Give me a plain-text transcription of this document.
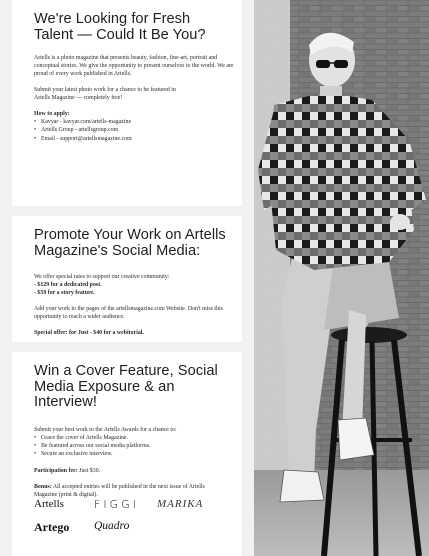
We're Looking for Fresh Talent — Could It Be You?

Artells is a photo magazine that presents beauty, fashion, fine-art, portrait and conceptual stories. We give the opportunity to present ourselves to the world. We are proud of every work published in Artells.

Submit your latest photo work for a chance to be featured in Artells Magazine — completely free!

How to apply:

• Kavyar - kavyar.com/artells-magazine
• Artells Group - artellsgroup.com
• Email - support@artellsmagazine.com
Promote Your Work on Artells Magazine's Social Media:

We offer special rates to support our creative community:

- $129 for a dedicated post.

- $59 for a story feature.

Add your work to the pages of the artellsmagazine.com Website. Don't miss this opportunity to reach a wider audience.

Special offer: for Just - $40 for a webitorial.

Win a Cover Feature, Social Media Exposure & an Interview!

Submit your best work to the Artells Awards for a chance to:

• Grace the cover of Artells Magazine.
• Be featured across our social media platforms.
• Secure an exclusive interview.

Participation fee: Just $30.

Bonus: All accepted entries will be published in the next issue of Artells Magazine (print & digital).

Artells	FIGGI MARIKA
Artego Quadro
